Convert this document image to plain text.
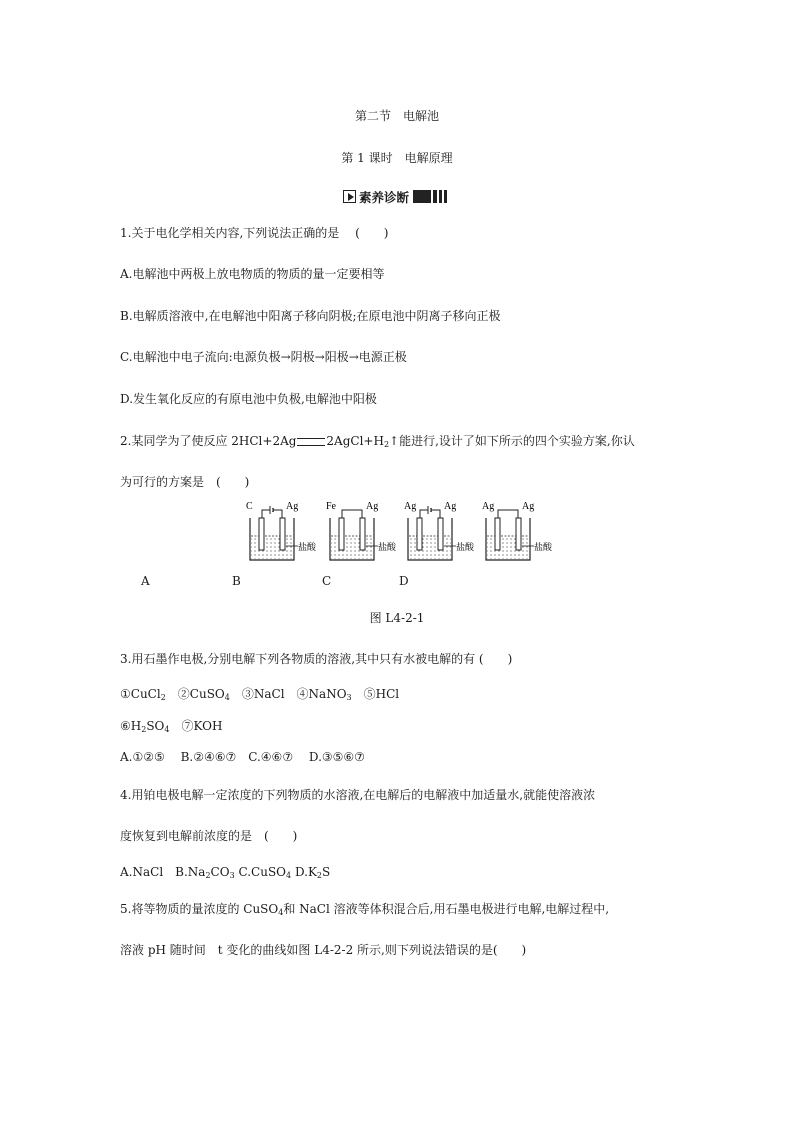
第二节　电解池
第 1 课时　电解原理
素养诊断
1.关于电化学相关内容,下列说法正确的是　 (　　)
A.电解池中两极上放电物质的物质的量一定要相等
B.电解质溶液中,在电解池中阳离子移向阴极;在原电池中阴离子移向正极
C.电解池中电子流向:电源负极→阴极→阳极→电源正极
D.发生氧化反应的有原电池中负极,电解池中阳极
2.某同学为了使反应 2HCl+2Ag	$2AgCl+H_2↑$能进行,设计了如下所示的四个实验方案,你认
为可行的方案是　(　　)
C	Ag
盐酸
Fe	Ag
盐酸
Ag	Ag
盐酸
Ag	Ag
盐酸
A	B	C	D
图 L4-2-1
3.用石墨作电极,分别电解下列各物质的溶液,其中只有水被电解的有 (　　)
①CuCl$_2$　②CuSO$_4$　③NaCl　④NaNO$_3$　⑤HCl
$⑥H_2SO_4$　⑦KOH
A.①②⑤　 B.②④⑥⑦　C.④⑥⑦　 D.③⑤⑥⑦
4.用铂电极电解一定浓度的下列物质的水溶液,在电解后的电解液中加适量水,就能使溶液浓
度恢复到电解前浓度的是　(　　)
A.NaCl　$B.Na_2CO_3$ C.CuSO$_4$ $D.K_2S$
5.将等物质的量浓度的 CuSO$_4$和 NaCl 溶液等体积混合后,用石墨电极进行电解,电解过程中,
溶液 pH 随时间　t 变化的曲线如图 L4-2-2 所示,则下列说法错误的是(　　)
